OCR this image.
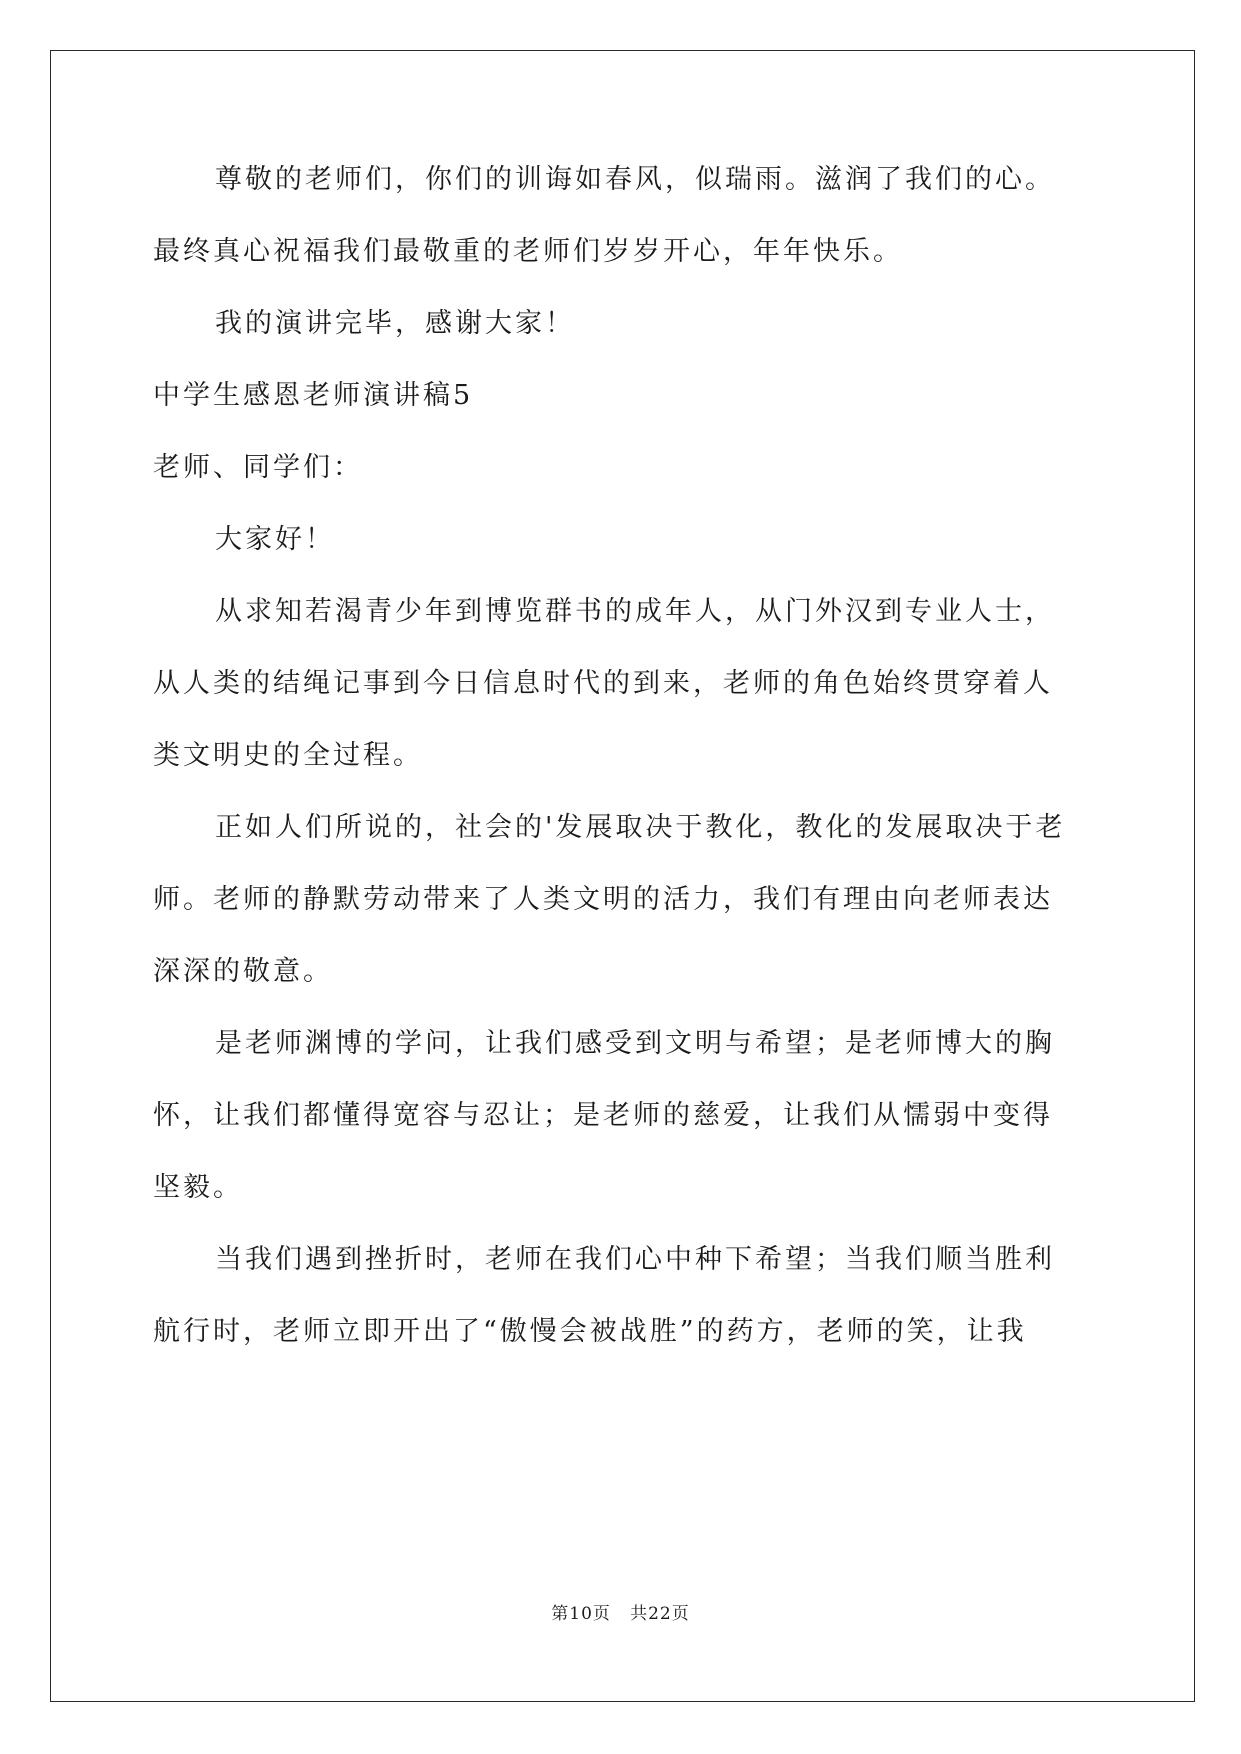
尊敬的老师们，你们的训诲如春风，似瑞雨。滋润了我们的心。
最终真心祝福我们最敬重的老师们岁岁开心，年年快乐。
我的演讲完毕，感谢大家！
中学生感恩老师演讲稿5
老师、同学们：
大家好！
从求知若渴青少年到博览群书的成年人，从门外汉到专业人士，
从人类的结绳记事到今日信息时代的到来，老师的角色始终贯穿着人
类文明史的全过程。
正如人们所说的，社会的'发展取决于教化，教化的发展取决于老
师。老师的静默劳动带来了人类文明的活力，我们有理由向老师表达
深深的敬意。
是老师渊博的学问，让我们感受到文明与希望；是老师博大的胸
怀，让我们都懂得宽容与忍让；是老师的慈爱，让我们从懦弱中变得
坚毅。
当我们遇到挫折时，老师在我们心中种下希望；当我们顺当胜利
航行时，老师立即开出了“傲慢会被战胜”的药方，老师的笑，让我
第10页 共22页
